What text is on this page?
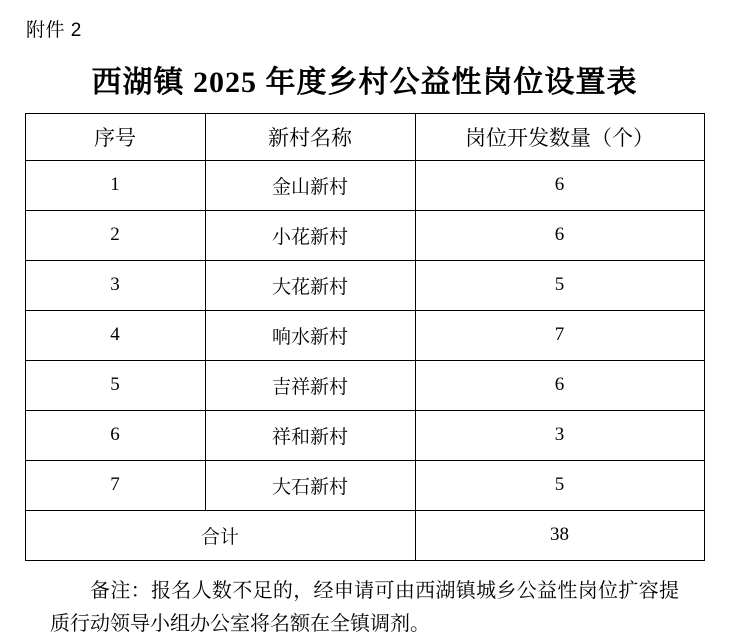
附件 2
西湖镇 2025 年度乡村公益性岗位设置表
序号	新村名称	岗位开发数量（个）
1	金山新村	6
2	小花新村	6
3	大花新村	5
4	响水新村	7
5	吉祥新村	6
6	祥和新村	3
7	大石新村	5
合计		38
备注：报名人数不足的，经申请可由西湖镇城乡公益性岗位扩容提质行动领导小组办公室将名额在全镇调剂。
